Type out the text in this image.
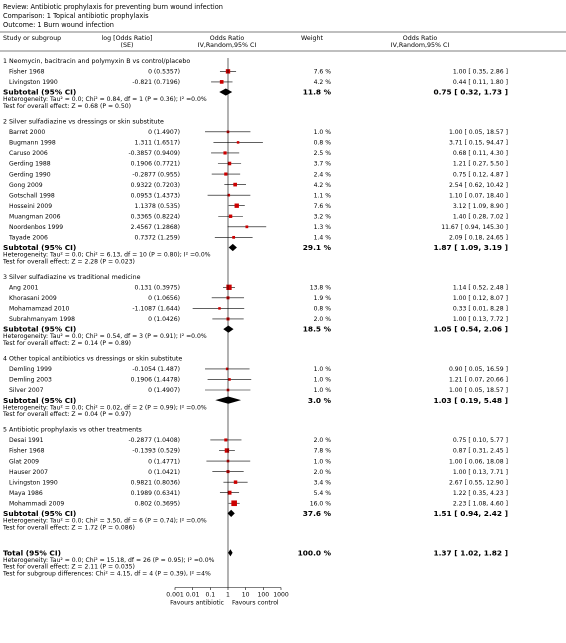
Review: Antibiotic prophylaxis for preventing burn wound infection
Comparison: 1 Topical antibiotic prophylaxis
Outcome: 1 Burn wound infection
Study or subgroup	log [Odds Ratio]
(SE)
Odds Ratio
IV,Random,95% CI
Weight	Odds Ratio
IV,Random,95% CI
1 Neomycin, bacitracin and polymyxin B vs control/placebo
Fisher 1968	0 (0.5357)	7.6 %	1.00 [ 0.35, 2.86 ]
Livingston 1990	-0.821 (0.7196)	4.2 %	0.44 [ 0.11, 1.80 ]
Subtotal (95% CI)	11.8 %	0.75 [ 0.32, 1.73 ]
Heterogeneity: Tau² = 0.0; Chi² = 0.84, df = 1 (P = 0.36); I² =0.0%
Test for overall effect: Z = 0.68 (P = 0.50)
2 Silver sulfadiazine vs dressings or skin substitute
Barret 2000	0 (1.4907)	1.0 %	1.00 [ 0.05, 18.57 ]
Bugmann 1998	1.311 (1.6517)	0.8 %	3.71 [ 0.15, 94.47 ]
Caruso 2006	-0.3857 (0.9409)	2.5 %	0.68 [ 0.11, 4.30 ]
Gerding 1988	0.1906 (0.7721)	3.7 %	1.21 [ 0.27, 5.50 ]
Gerding 1990	-0.2877 (0.955)	2.4 %	0.75 [ 0.12, 4.87 ]
Gong 2009	0.9322 (0.7203)	4.2 %	2.54 [ 0.62, 10.42 ]
Gotschall 1998	0.0953 (1.4373)	1.1 %	1.10 [ 0.07, 18.40 ]
Hosseini 2009	1.1378 (0.535)	7.6 %	3.12 [ 1.09, 8.90 ]
Muangman 2006	0.3365 (0.8224)	3.2 %	1.40 [ 0.28, 7.02 ]
Noordenbos 1999	2.4567 (1.2868)	1.3 %	11.67 [ 0.94, 145.30 ]
Tayade 2006	0.7372 (1.259)	1.4 %	2.09 [ 0.18, 24.65 ]
Subtotal (95% CI)	29.1 %	1.87 [ 1.09, 3.19 ]
Heterogeneity: Tau² = 0.0; Chi² = 6.13, df = 10 (P = 0.80); I² =0.0%
Test for overall effect: Z = 2.28 (P = 0.023)
3 Silver sulfadiazine vs traditional medicine
Ang 2001	0.131 (0.3975)	13.8 %	1.14 [ 0.52, 2.48 ]
Khorasani 2009	0 (1.0656)	1.9 %	1.00 [ 0.12, 8.07 ]
Mohamamzad 2010	-1.1087 (1.644)	0.8 %	0.33 [ 0.01, 8.28 ]
Subrahmanyam 1998	0 (1.0426)	2.0 %	1.00 [ 0.13, 7.72 ]
Subtotal (95% CI)	18.5 %	1.05 [ 0.54, 2.06 ]
Heterogeneity: Tau² = 0.0; Chi² = 0.54, df = 3 (P = 0.91); I² =0.0%
Test for overall effect: Z = 0.14 (P = 0.89)
4 Other topical antibiotics vs dressings or skin substitute
Demling 1999	-0.1054 (1.487)	1.0 %	0.90 [ 0.05, 16.59 ]
Demling 2003	0.1906 (1.4478)	1.0 %	1.21 [ 0.07, 20.66 ]
Silver 2007	0 (1.4907)	1.0 %	1.00 [ 0.05, 18.57 ]
Subtotal (95% CI)	3.0 %	1.03 [ 0.19, 5.48 ]
Heterogeneity: Tau² = 0.0; Chi² = 0.02, df = 2 (P = 0.99); I² =0.0%
Test for overall effect: Z = 0.04 (P = 0.97)
5 Antibiotic prophylaxis vs other treatments
Desai 1991	-0.2877 (1.0408)	2.0 %	0.75 [ 0.10, 5.77 ]
Fisher 1968	-0.1393 (0.529)	7.8 %	0.87 [ 0.31, 2.45 ]
Glat 2009	0 (1.4771)	1.0 %	1.00 [ 0.06, 18.08 ]
Hauser 2007	0 (1.0421)	2.0 %	1.00 [ 0.13, 7.71 ]
Livingston 1990	0.9821 (0.8036)	3.4 %	2.67 [ 0.55, 12.90 ]
Maya 1986	0.1989 (0.6341)	5.4 %	1.22 [ 0.35, 4.23 ]
Mohammadi 2009	0.802 (0.3695)	16.0 %	2.23 [ 1.08, 4.60 ]
Subtotal (95% CI)	37.6 %	1.51 [ 0.94, 2.42 ]
Heterogeneity: Tau² = 0.0; Chi² = 3.50, df = 6 (P = 0.74); I² =0.0%
Test for overall effect: Z = 1.72 (P = 0.086)
Total (95% CI)	100.0 %	1.37 [ 1.02, 1.82 ]
Heterogeneity: Tau² = 0.0; Chi² = 15.18, df = 26 (P = 0.95); I² =0.0%
Test for overall effect: Z = 2.11 (P = 0.035)
Test for subgroup differences: Chi² = 4.15, df = 4 (P = 0.39), I² =4%
0.001 0.01 0.1 1 10 100 1000
Favours antibiotic Favours control
